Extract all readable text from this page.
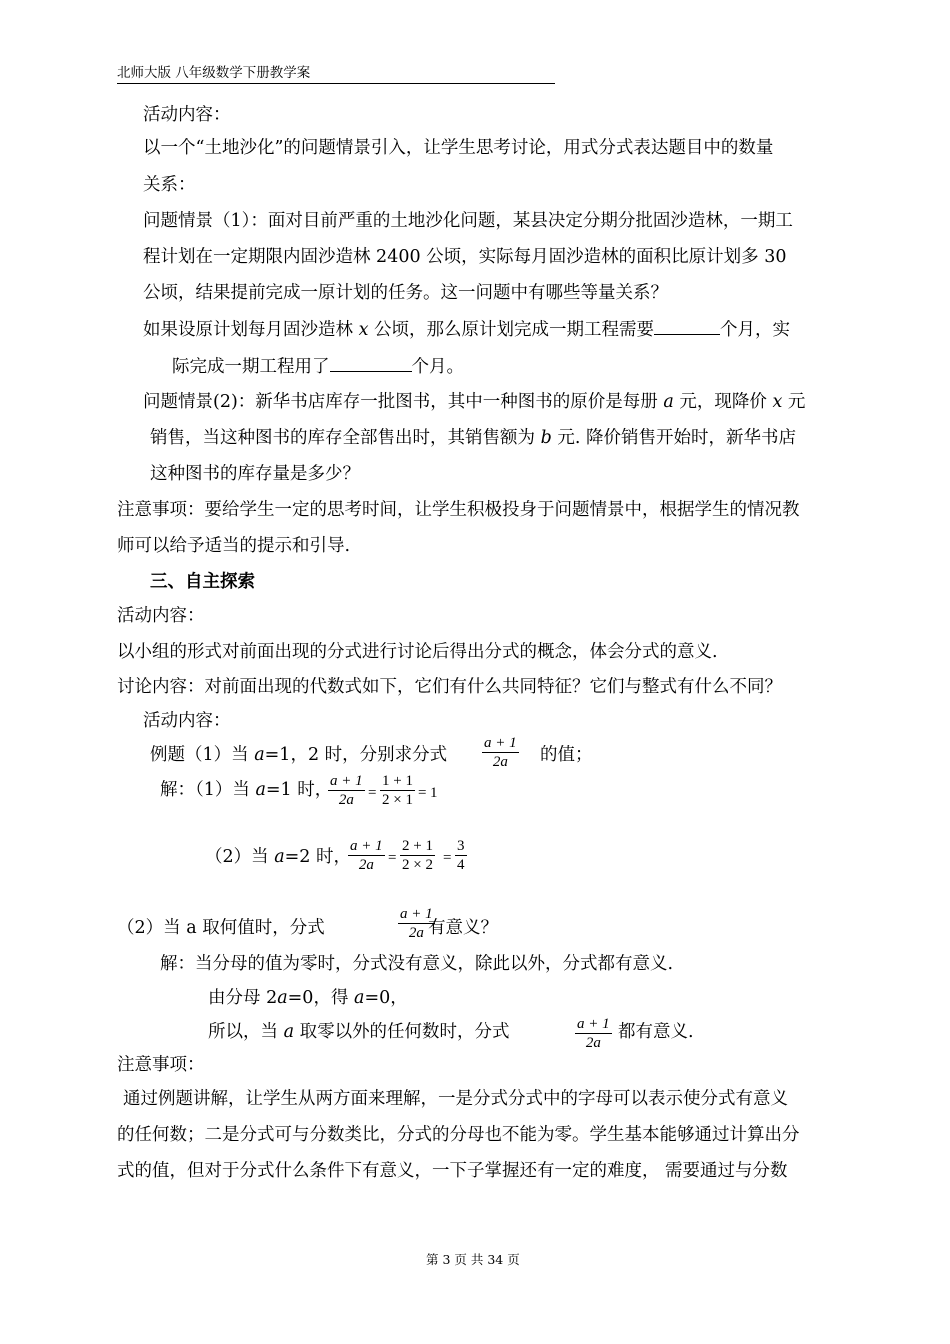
北师大版 八年级数学下册教学案
活动内容：
以一个“土地沙化”的问题情景引入，让学生思考讨论，用式分式表达题目中的数量
关系：
问题情景（1）：面对目前严重的土地沙化问题，某县决定分期分批固沙造林，一期工
程计划在一定期限内固沙造林 2400 公顷，实际每月固沙造林的面积比原计划多 30
公顷，结果提前完成一原计划的任务。这一问题中有哪些等量关系？
如果设原计划每月固沙造林 x 公顷，那么原计划完成一期工程需要	个月，实
际完成一期工程用了	个月。
问题情景(2)：新华书店库存一批图书，其中一种图书的原价是每册 a 元，现降价 x 元
销售，当这种图书的库存全部售出时，其销售额为 b 元. 降价销售开始时，新华书店
这种图书的库存量是多少？
注意事项：要给学生一定的思考时间，让学生积极投身于问题情景中，根据学生的情况教
师可以给予适当的提示和引导.
三、自主探索
活动内容：
以小组的形式对前面出现的分式进行讨论后得出分式的概念，体会分式的意义.
讨论内容：对前面出现的代数式如下，它们有什么共同特征？它们与整式有什么不同？
活动内容：
例题（1）当 a=1，2 时，分别求分式
a + 1
2a	的值；
解：（1）当 a=1 时，
a + 1
2a =
1 + 1
2 × 1 = 1
（2）当 a=2 时，
a + 1
2a =
2 + 1
2 × 2 =
3
4
（2）当 a 取何值时，分式
a + 1
2a 有意义？
解：当分母的值为零时，分式没有意义，除此以外，分式都有意义.
由分母 2a=0，得 a=0，
所以，当 a 取零以外的任何数时，分式	a + 1
2a
都有意义.
注意事项：
通过例题讲解，让学生从两方面来理解，一是分式分式中的字母可以表示使分式有意义
的任何数；二是分式可与分数类比，分式的分母也不能为零。学生基本能够通过计算出分
式的值，但对于分式什么条件下有意义，一下子掌握还有一定的难度， 需要通过与分数
第 3 页 共 34 页
